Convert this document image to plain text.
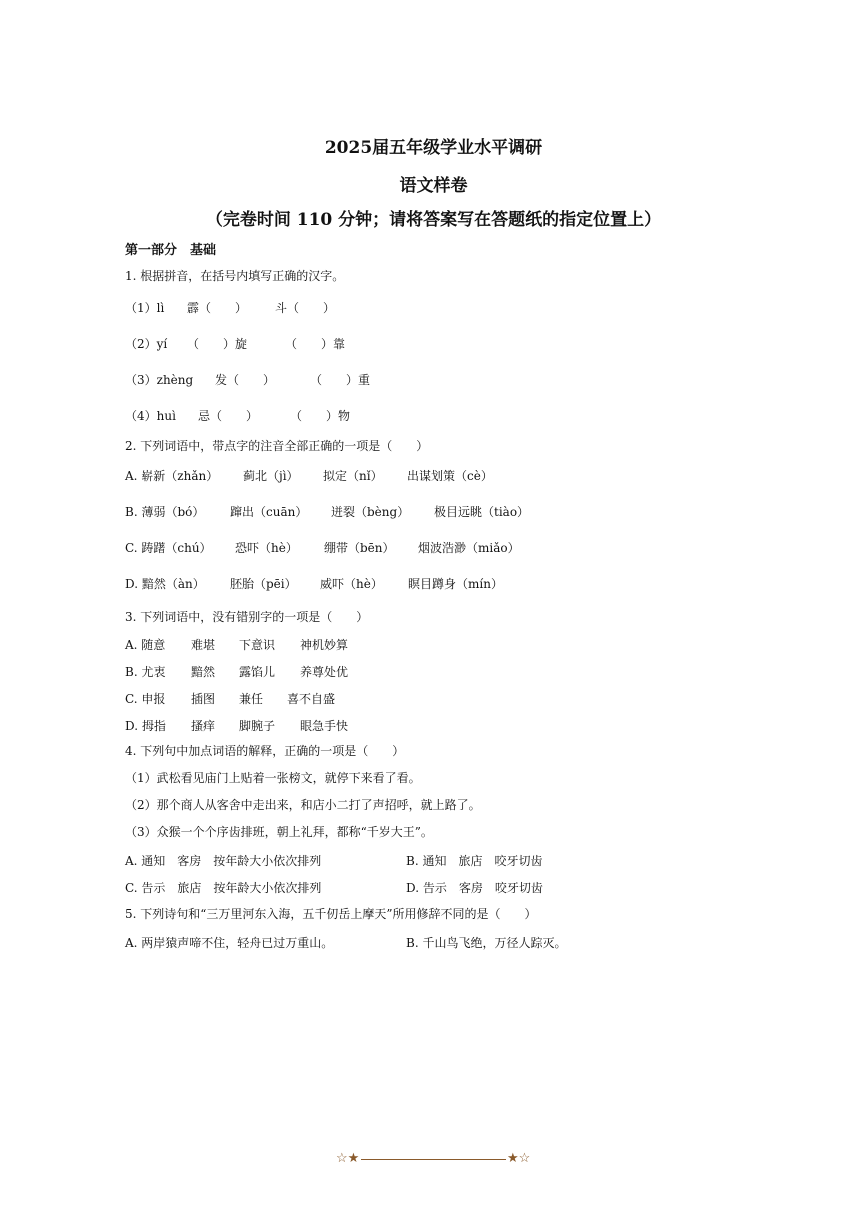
2025届五年级学业水平调研
语文样卷
（完卷时间 110 分钟；请将答案写在答题纸的指定位置上）
第一部分　基础
1. 根据拼音，在括号内填写正确的汉字。
（1）lì 霹（　　） 斗（　　）
（2）yí （　　）旋	（　　）靠
（3）zhèng 发（　　）	（　　）重
（4）huì 忌（　　）	（　　）物
2. 下列词语中，带点字的注音全部正确的一项是（　　）
A. 崭新（zhǎn） 蓟北（jì） 拟定（nǐ） 出谋划策（cè）
B. 薄弱（bó） 蹿出（cuān） 迸裂（bèng） 极目远眺（tiào）
C. 踌躇（chú） 恐吓（hè） 绷带（bēn） 烟波浩渺（miǎo）
D. 黯然（àn） 胚胎（pēi） 威吓（hè） 瞑目蹲身（mín）
3. 下列词语中，没有错别字的一项是（　　）
A. 随意 难堪 下意识 神机妙算
B. 尤衷 黯然 露馅儿 养尊处优
C. 申报 插图 兼任 喜不自盛
D. 拇指 搔痒 脚腕子 眼急手快
4. 下列句中加点词语的解释，正确的一项是（　　）
（1）武松看见庙门上贴着一张榜文，就停下来看了看。
（2）那个商人从客舍中走出来，和店小二打了声招呼，就上路了。
（3）众猴一个个序齿排班，朝上礼拜，都称“千岁大王”。
A. 通知　客房　按年龄大小依次排列	B. 通知　旅店　咬牙切齿
C. 告示　旅店　按年龄大小依次排列	D. 告示　客房　咬牙切齿
5. 下列诗句和“三万里河东入海，五千仞岳上摩天”所用修辞不同的是（　　）
A. 两岸猿声啼不住，轻舟已过万重山。	B. 千山鸟飞绝，万径人踪灭。
☆★	★☆
